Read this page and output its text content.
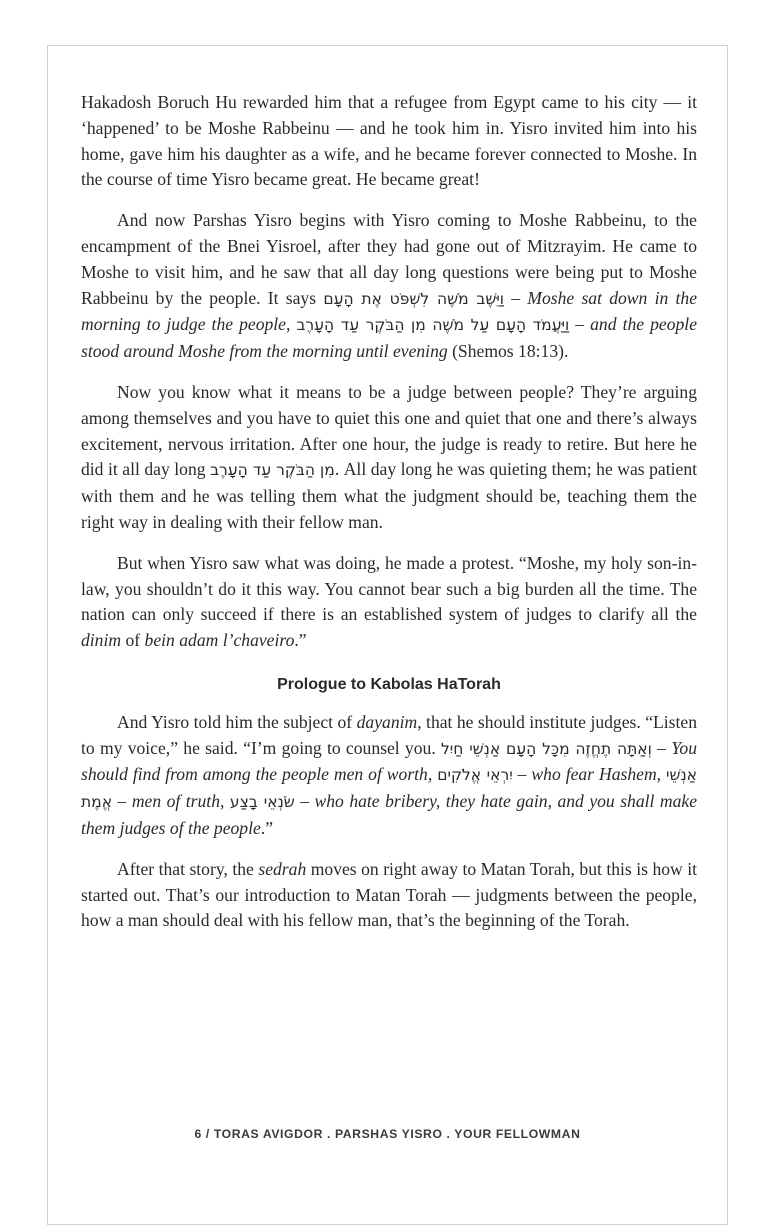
Hakadosh Boruch Hu rewarded him that a refugee from Egypt came to his city — it ‘happened’ to be Moshe Rabbeinu — and he took him in. Yisro invited him into his home, gave him his daughter as a wife, and he became forever connected to Moshe. In the course of time Yisro became great. He became great!

And now Parshas Yisro begins with Yisro coming to Moshe Rabbeinu, to the encampment of the Bnei Yisroel, after they had gone out of Mitzrayim. He came to Moshe to visit him, and he saw that all day long questions were being put to Moshe Rabbeinu by the people. It says וַיֵּשֶׁב מֹשֶׁה לִשְׁפֹּט אֶת הָעָם – Moshe sat down in the morning to judge the people, וַיַּעֲמֹד הָעָם עַל מֹשֶׁה מִן הַבֹּקֶר עַד הָעָרֶב – and the people stood around Moshe from the morning until evening (Shemos 18:13).

Now you know what it means to be a judge between people? They’re arguing among themselves and you have to quiet this one and quiet that one and there’s always excitement, nervous irritation. After one hour, the judge is ready to retire. But here he did it all day long מִן הַבֹּקֶר עַד הָעָרֶב. All day long he was quieting them; he was patient with them and he was telling them what the judgment should be, teaching them the right way in dealing with their fellow man.

But when Yisro saw what was doing, he made a protest. “Moshe, my holy son-in-law, you shouldn’t do it this way. You cannot bear such a big burden all the time. The nation can only succeed if there is an established system of judges to clarify all the dinim of bein adam l’chaveiro.”

Prologue to Kabolas HaTorah

And Yisro told him the subject of dayanim, that he should institute judges. “Listen to my voice,” he said. “I’m going to counsel you. וְאַתָּה תֶחֱזֶה מִכָּל הָעָם אַנְשֵׁי חַיִל – You should find from among the people men of worth, יִרְאֵי אֱלֹקִים – who fear Hashem, אַנְשֵׁי אֱמֶת – men of truth, שֹׂנְאֵי בָצַע – who hate bribery, they hate gain, and you shall make them judges of the people.”

After that story, the sedrah moves on right away to Matan Torah, but this is how it started out. That’s our introduction to Matan Torah — judgments between the people, how a man should deal with his fellow man, that’s the beginning of the Torah.

6 / TORAS AVIGDOR . PARSHAS YISRO . YOUR FELLOWMAN
